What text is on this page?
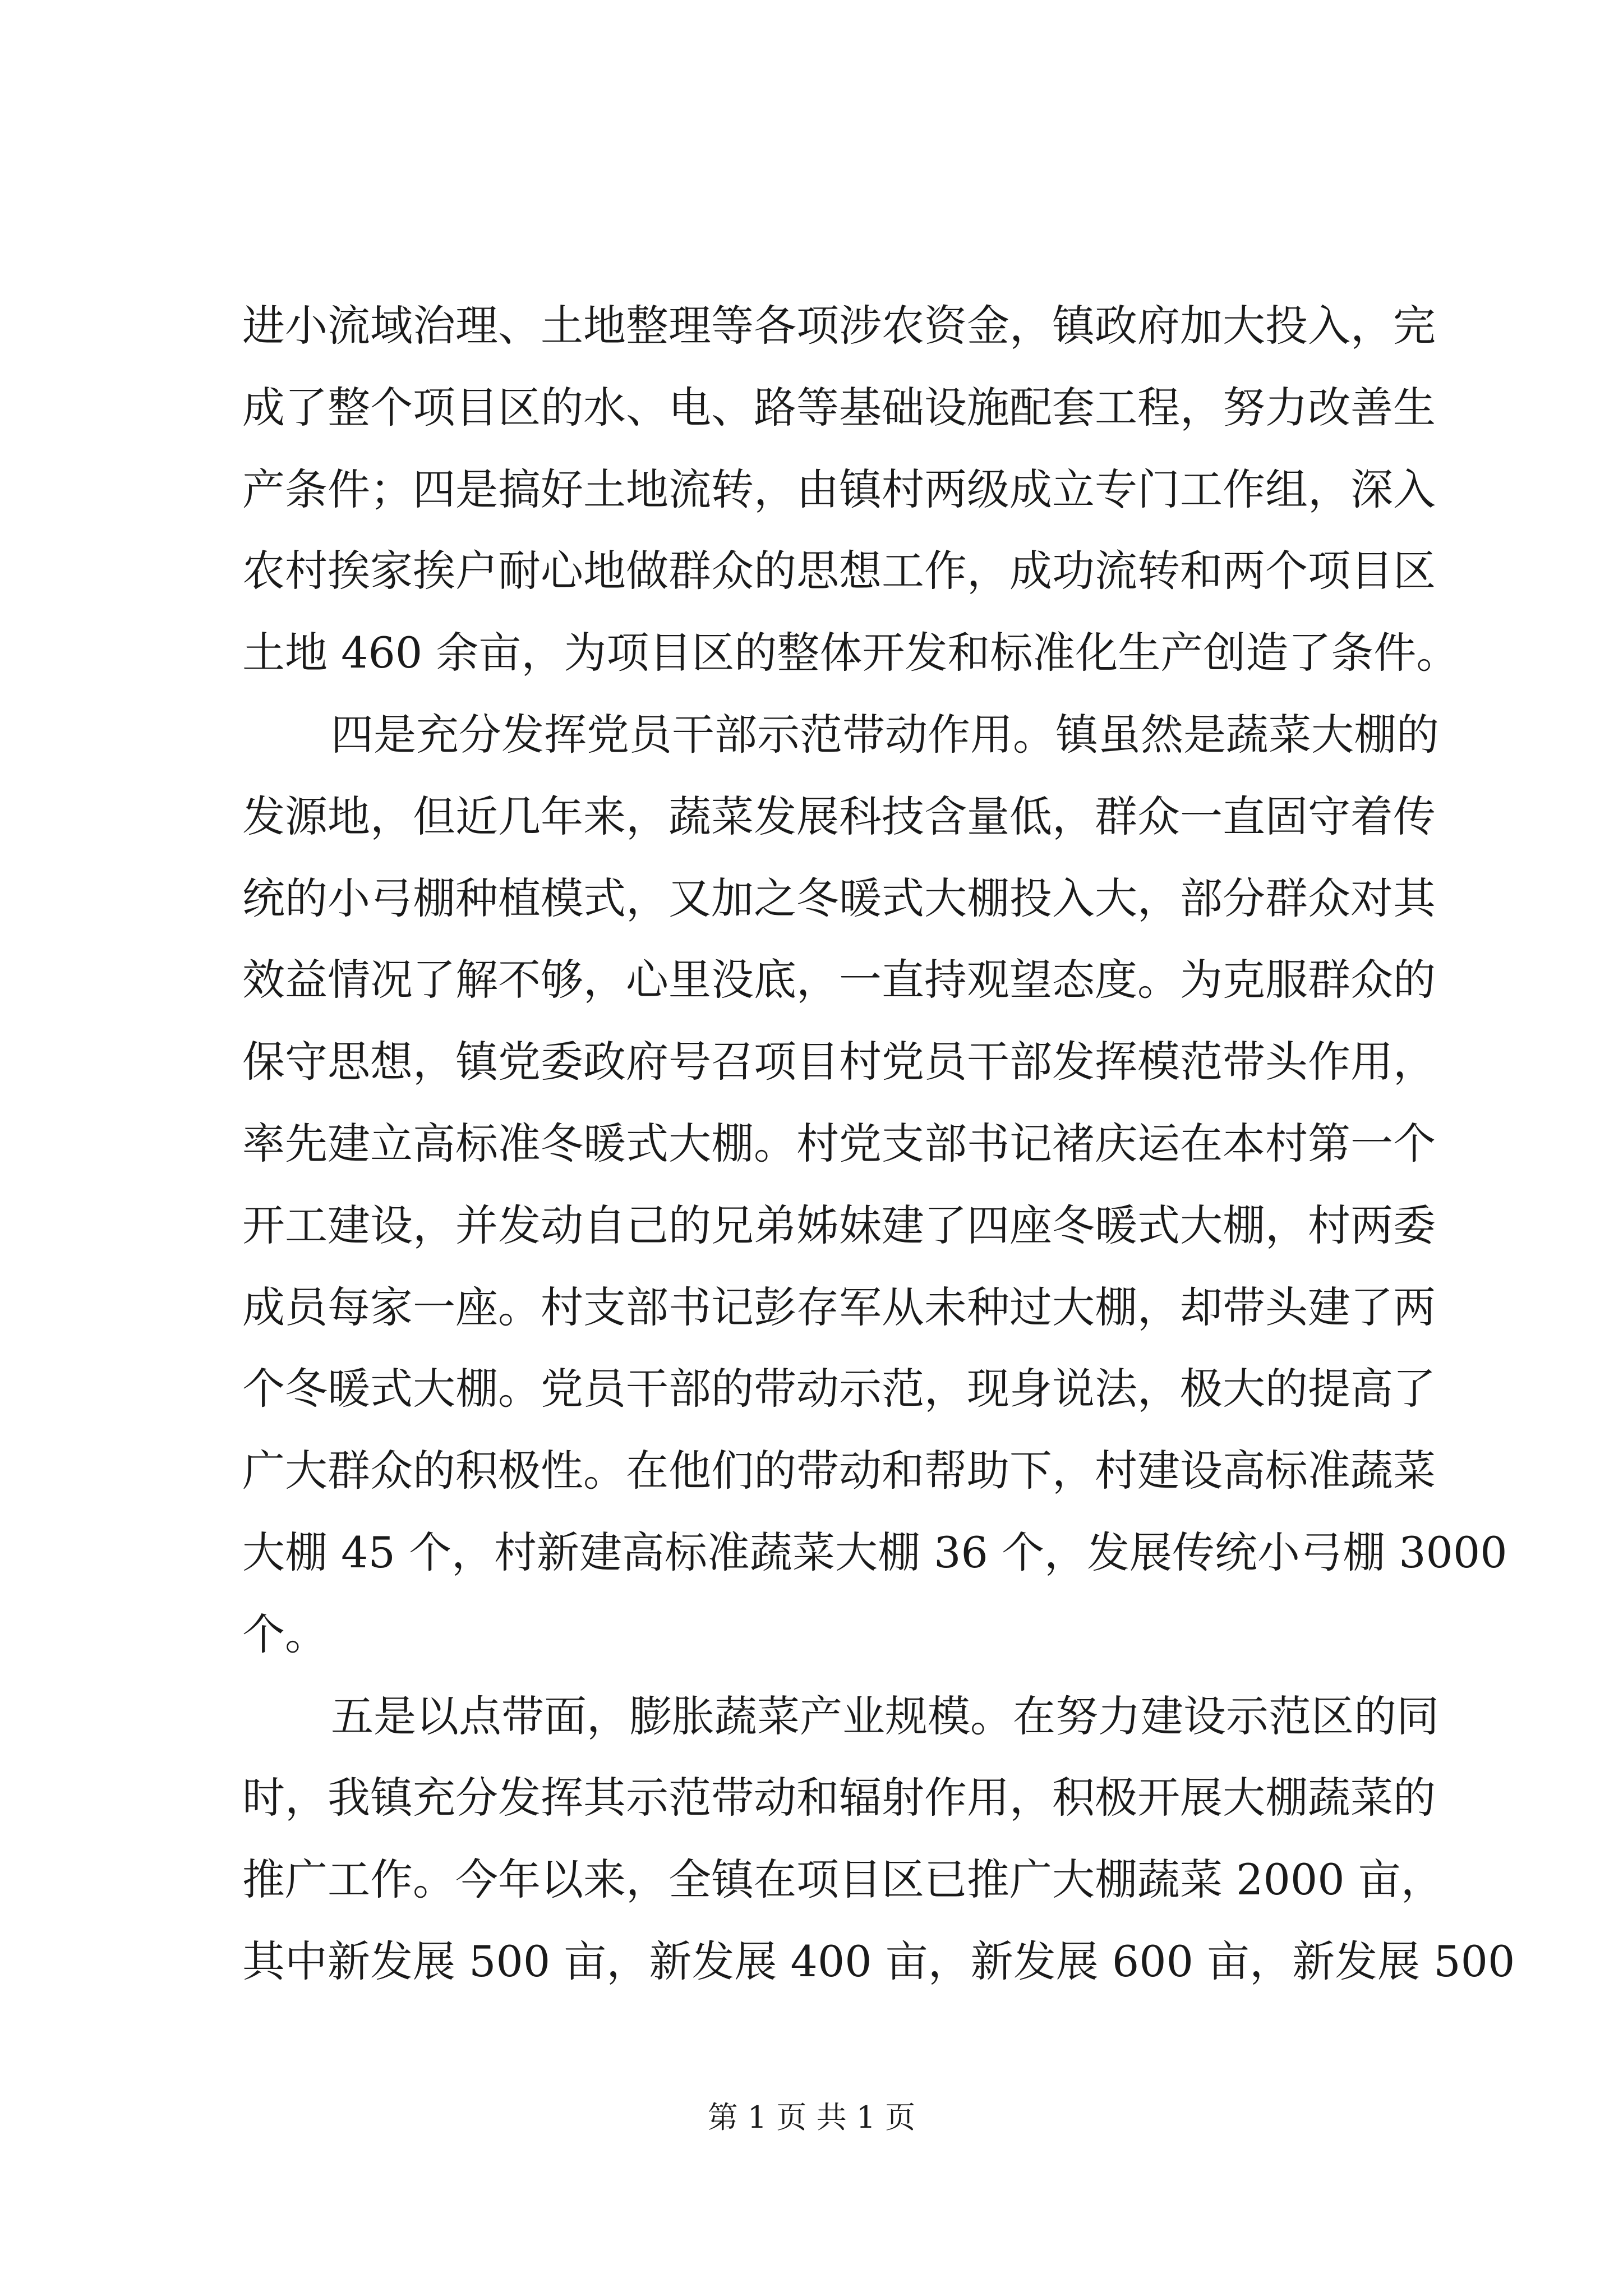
进小流域治理、土地整理等各项涉农资金，镇政府加大投入，完
成了整个项目区的水、电、路等基础设施配套工程，努力改善生
产条件；四是搞好土地流转，由镇村两级成立专门工作组，深入
农村挨家挨户耐心地做群众的思想工作，成功流转和两个项目区
土地 460 余亩，为项目区的整体开发和标准化生产创造了条件。
四是充分发挥党员干部示范带动作用。镇虽然是蔬菜大棚的
发源地，但近几年来，蔬菜发展科技含量低，群众一直固守着传
统的小弓棚种植模式，又加之冬暖式大棚投入大，部分群众对其
效益情况了解不够，心里没底，一直持观望态度。为克服群众的
保守思想，镇党委政府号召项目村党员干部发挥模范带头作用，
率先建立高标准冬暖式大棚。村党支部书记褚庆运在本村第一个
开工建设，并发动自己的兄弟姊妹建了四座冬暖式大棚，村两委
成员每家一座。村支部书记彭存军从未种过大棚，却带头建了两
个冬暖式大棚。党员干部的带动示范，现身说法，极大的提高了
广大群众的积极性。在他们的带动和帮助下，村建设高标准蔬菜
大棚 45 个，村新建高标准蔬菜大棚 36 个，发展传统小弓棚 3000
个。
五是以点带面，膨胀蔬菜产业规模。在努力建设示范区的同
时，我镇充分发挥其示范带动和辐射作用，积极开展大棚蔬菜的
推广工作。今年以来，全镇在项目区已推广大棚蔬菜 2000 亩，
其中新发展 500 亩，新发展 400 亩，新发展 600 亩，新发展 500
第 1 页 共 1 页
